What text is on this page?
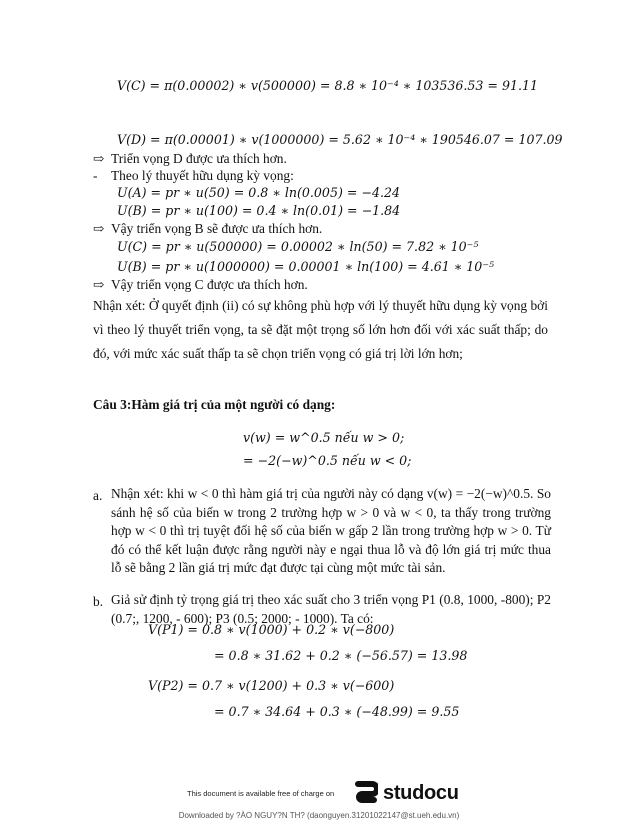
V(C) = π(0.00002) ∗ v(500000) = 8.8 ∗ 10⁻⁴ ∗ 103536.53 = 91.11
V(D) = π(0.00001) ∗ v(1000000) = 5.62 ∗ 10⁻⁴ ∗ 190546.07 = 107.09
⇨ Triển vọng D được ưa thích hơn.
- Theo lý thuyết hữu dụng kỳ vọng:
U(A) = pr ∗ u(50) = 0.8 ∗ ln(0.005) = −4.24
U(B) = pr ∗ u(100) = 0.4 ∗ ln(0.01) = −1.84
⇨ Vậy triển vọng B sẽ được ưa thích hơn.
U(C) = pr ∗ u(500000) = 0.00002 ∗ ln(50) = 7.82 ∗ 10⁻⁵
U(B) = pr ∗ u(1000000) = 0.00001 ∗ ln(100) = 4.61 ∗ 10⁻⁵
⇨ Vậy triển vọng C được ưa thích hơn.
Nhận xét: Ở quyết định (ii) có sự không phù hợp với lý thuyết hữu dụng kỳ vọng bởi vì theo lý thuyết triển vọng, ta sẽ đặt một trọng số lớn hơn đối với xác suất thấp; do đó, với mức xác suất thấp ta sẽ chọn triển vọng có giá trị lời lớn hơn;
Câu 3:Hàm giá trị của một người có dạng:
v(w) = w^0.5 nếu w > 0;
= −2(−w)^0.5 nếu w < 0;
a. Nhận xét: khi w < 0 thì hàm giá trị của người này có dạng v(w) = −2(−w)^0.5. So sánh hệ số của biến w trong 2 trường hợp w > 0 và w < 0, ta thấy trong trường hợp w < 0 thì trị tuyệt đối hệ số của biến w gấp 2 lần trong trường hợp w > 0. Từ đó có thể kết luận được rằng người này e ngại thua lỗ và độ lớn giá trị mức thua lỗ sẽ bằng 2 lần giá trị mức đạt được tại cùng một mức tài sản.
b. Giả sử định tỷ trọng giá trị theo xác suất cho 3 triển vọng P1 (0.8, 1000, -800); P2 (0.7;, 1200, - 600); P3 (0.5; 2000; - 1000). Ta có:
V(P1) = 0.8 ∗ v(1000) + 0.2 ∗ v(−800)
= 0.8 ∗ 31.62 + 0.2 ∗ (−56.57) = 13.98
V(P2) = 0.7 ∗ v(1200) + 0.3 ∗ v(−600)
= 0.7 ∗ 34.64 + 0.3 ∗ (−48.99) = 9.55
This document is available free of charge on studocu
Downloaded by ?ÀO NGUY?N TH? (daonguyen.31201022147@st.ueh.edu.vn)
